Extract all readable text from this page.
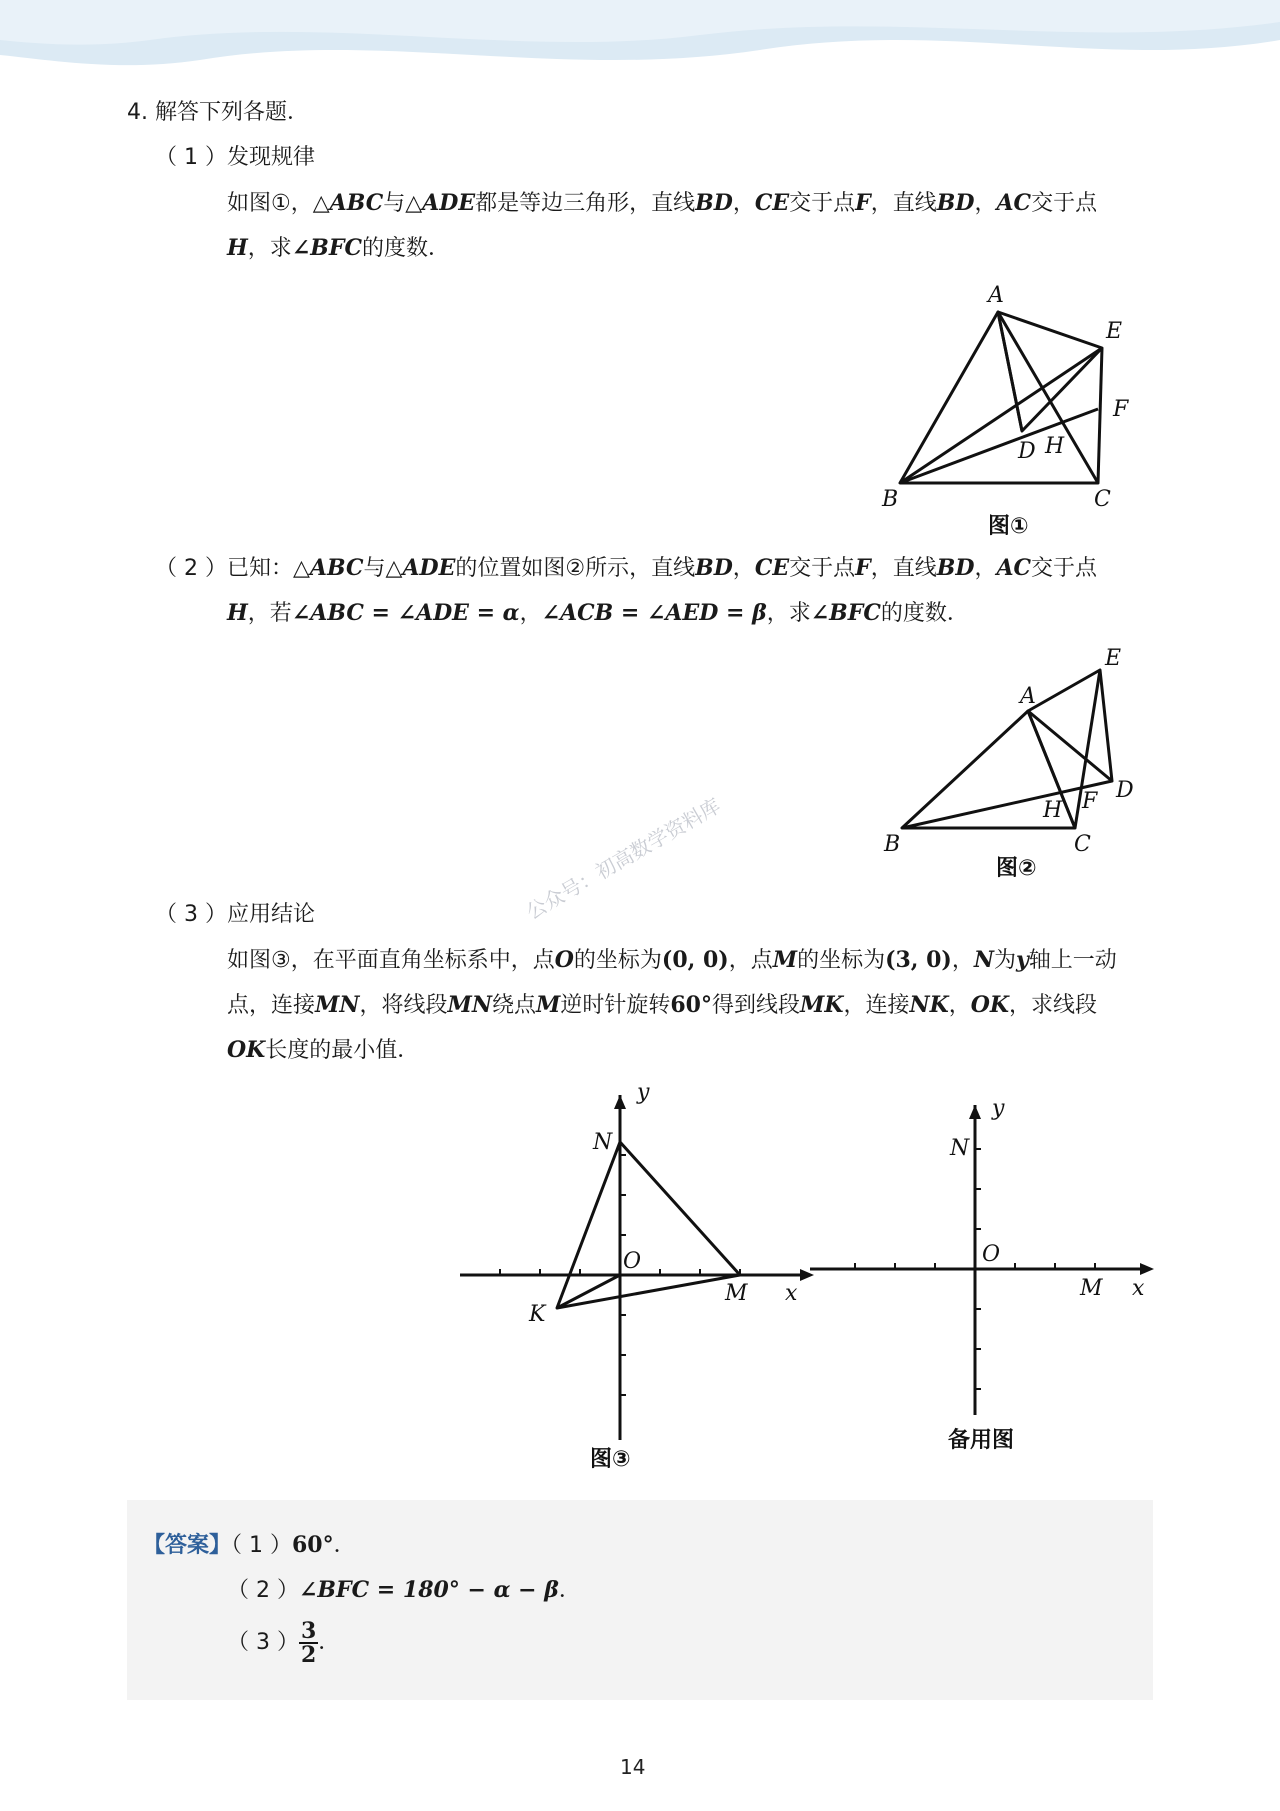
4. 解答下列各题．
（ 1 ）发现规律
如图①，△ABC与△ADE都是等边三角形，直线BD，CE交于点F，直线BD，AC交于点
H，求∠BFC的度数．
A
E
F
D H
B	C
图①
（ 2 ）已知：△ABC与△ADE的位置如图②所示，直线BD，CE交于点F，直线BD，AC交于点
H，若∠ABC = ∠ADE = α，∠ACB = ∠AED = β，求∠BFC的度数．
A
E
D
F
H
B	C
图②
公众号：初高数学资料库
（ 3 ）应用结论
如图③，在平面直角坐标系中，点O的坐标为(0, 0)，点M的坐标为(3, 0)，N为y轴上一动
点，连接MN，将线段MN绕点M逆时针旋转60°得到线段MK，连接NK，OK，求线段
OK长度的最小值．
y
N
O
M x
K
图③
y
N
O
M x
备用图
【答案】（ 1 ）60°．
（ 2 ）∠BFC = 180° − α − β．
（ 3 ） $\frac{3}{2}$ ．
14
